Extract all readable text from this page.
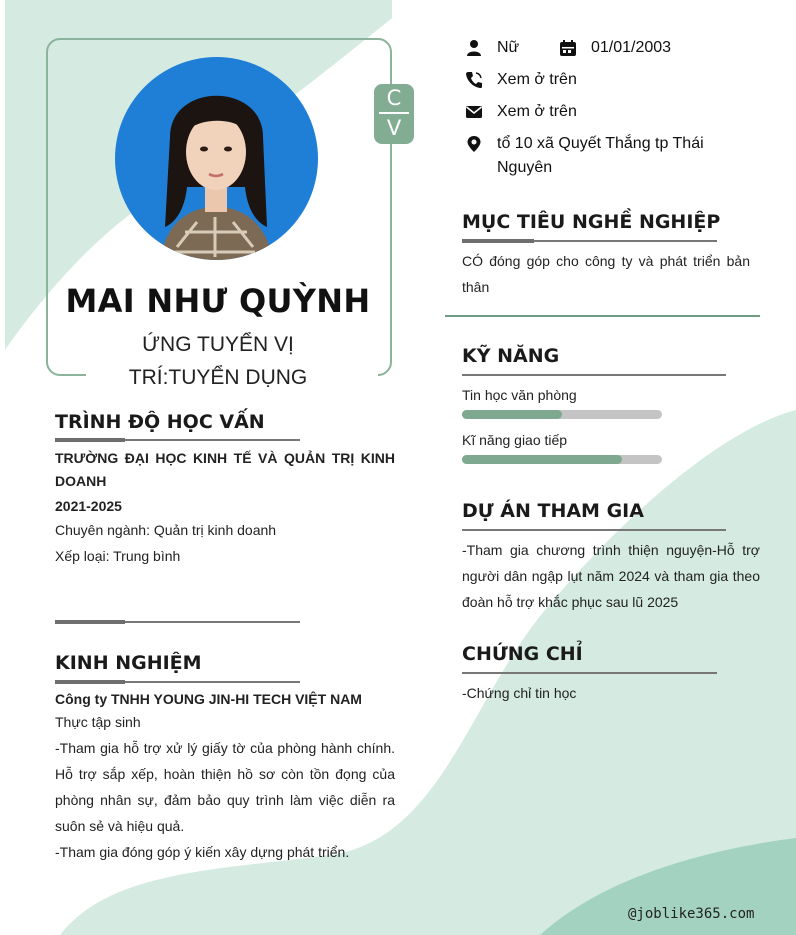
C
V
MAI NHƯ QUỲNH
ỨNG TUYỂN VỊ
TRÍ:TUYỂN DỤNG
Nữ	01/01/2003
Xem ở trên
Xem ở trên
tổ 10 xã Quyết Thắng tp Thái Nguyên
MỤC TIÊU NGHỀ NGHIỆP
CÓ đóng góp cho công ty và phát triển bản thân
KỸ NĂNG
Tin học văn phòng
Kĩ năng giao tiếp
DỰ ÁN THAM GIA
-Tham gia chương trình thiện nguyện-Hỗ trợ người dân ngập lụt năm 2024 và tham gia theo đoàn hỗ trợ khắc phục sau lũ 2025
CHỨNG CHỈ
-Chứng chỉ tin học
TRÌNH ĐỘ HỌC VẤN
TRƯỜNG ĐẠI HỌC KINH TẾ VÀ QUẢN TRỊ KINH DOANH
2021-2025
Chuyên ngành: Quản trị kinh doanh
Xếp loại: Trung bình
KINH NGHIỆM
Công ty TNHH YOUNG JIN-HI TECH VIỆT NAM
Thực tập sinh
-Tham gia hỗ trợ xử lý giấy tờ của phòng hành chính. Hỗ trợ sắp xếp, hoàn thiện hồ sơ còn tồn đọng của phòng nhân sự, đảm bảo quy trình làm việc diễn ra suôn sẻ và hiệu quả.
-Tham gia đóng góp ý kiến xây dựng phát triển.
@joblike365.com
